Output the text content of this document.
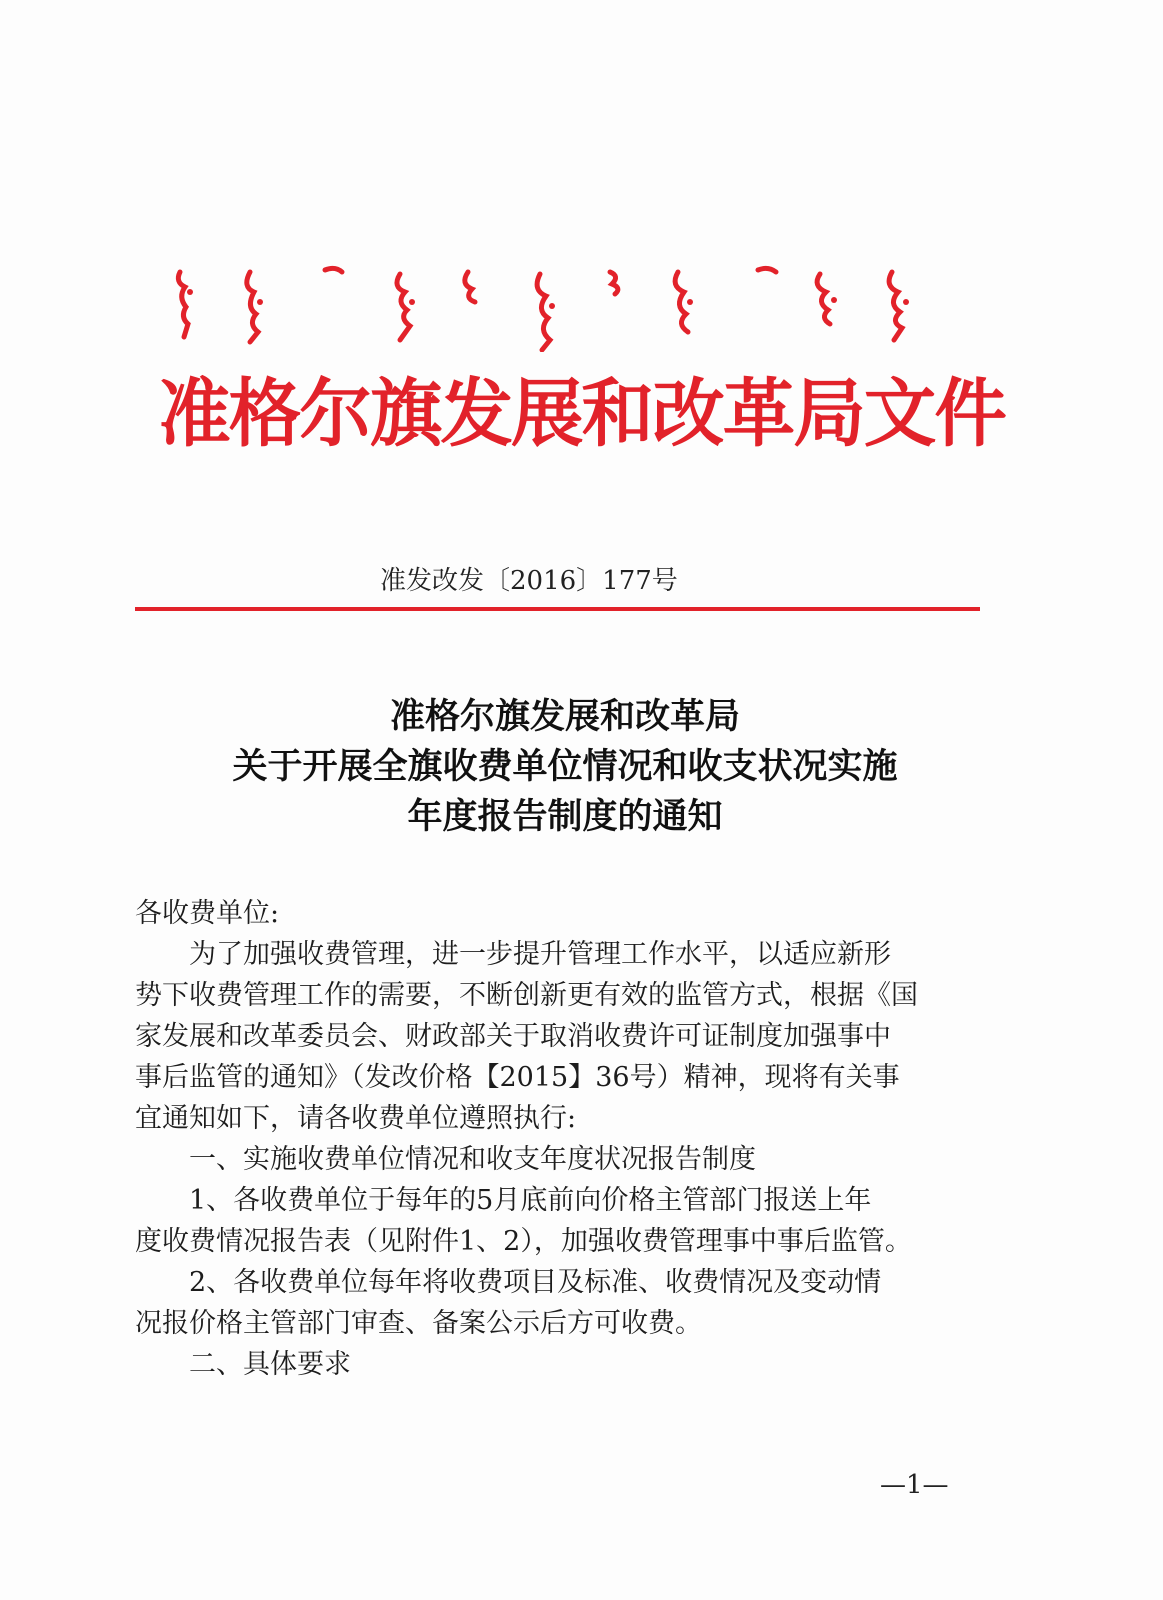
准格尔旗发展和改革局文件
准发改发〔2016〕177号
准格尔旗发展和改革局
关于开展全旗收费单位情况和收支状况实施
年度报告制度的通知
各收费单位:
为了加强收费管理，进一步提升管理工作水平，以适应新形
势下收费管理工作的需要，不断创新更有效的监管方式，根据《国
家发展和改革委员会、财政部关于取消收费许可证制度加强事中
事后监管的通知》（发改价格【2015】36号）精神，现将有关事
宜通知如下，请各收费单位遵照执行:
一、实施收费单位情况和收支年度状况报告制度
1、各收费单位于每年的5月底前向价格主管部门报送上年
度收费情况报告表（见附件1、2），加强收费管理事中事后监管。
2、各收费单位每年将收费项目及标准、收费情况及变动情
况报价格主管部门审查、备案公示后方可收费。
二、具体要求
—1—
